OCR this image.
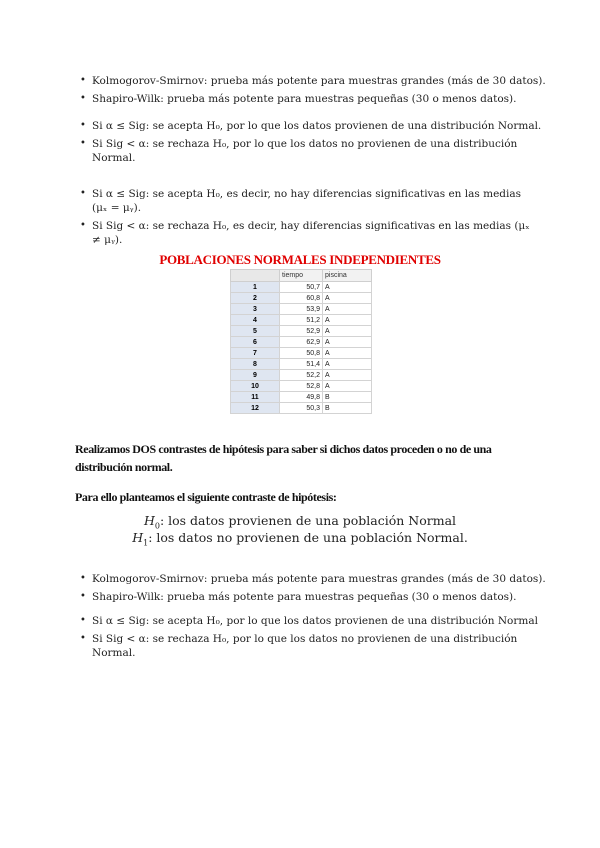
• Kolmogorov-Smirnov: prueba más potente para muestras grandes (más de 30 datos).
• Shapiro-Wilk: prueba más potente para muestras pequeñas (30 o menos datos).
• Si α ≤ Sig: se acepta H₀, por lo que los datos provienen de una distribución Normal.
• Si Sig < α: se rechaza H₀, por lo que los datos no provienen de una distribución Normal.
• Si α ≤ Sig: se acepta H₀, es decir, no hay diferencias significativas en las medias (μₓ = μᵧ).
• Si Sig < α: se rechaza H₀, es decir, hay diferencias significativas en las medias (μₓ ≠ μᵧ).
POBLACIONES NORMALES INDEPENDIENTES
	tiempo	piscina
1	50,7	A
2	60,8	A
3	53,9	A
4	51,2	A
5	52,9	A
6	62,9	A
7	50,8	A
8	51,4	A
9	52,2	A
10	52,8	A
11	49,8	B
12	50,3	B
Realizamos DOS contrastes de hipótesis para saber si dichos datos proceden o no de una distribución normal.
Para ello planteamos el siguiente contraste de hipótesis:
$H_0$: los datos provienen de una población Normal
$H_1$: los datos no provienen de una población Normal.
• Kolmogorov-Smirnov: prueba más potente para muestras grandes (más de 30 datos).
• Shapiro-Wilk: prueba más potente para muestras pequeñas (30 o menos datos).
• Si α ≤ Sig: se acepta H₀, por lo que los datos provienen de una distribución Normal
• Si Sig < α: se rechaza H₀, por lo que los datos no provienen de una distribución Normal.
